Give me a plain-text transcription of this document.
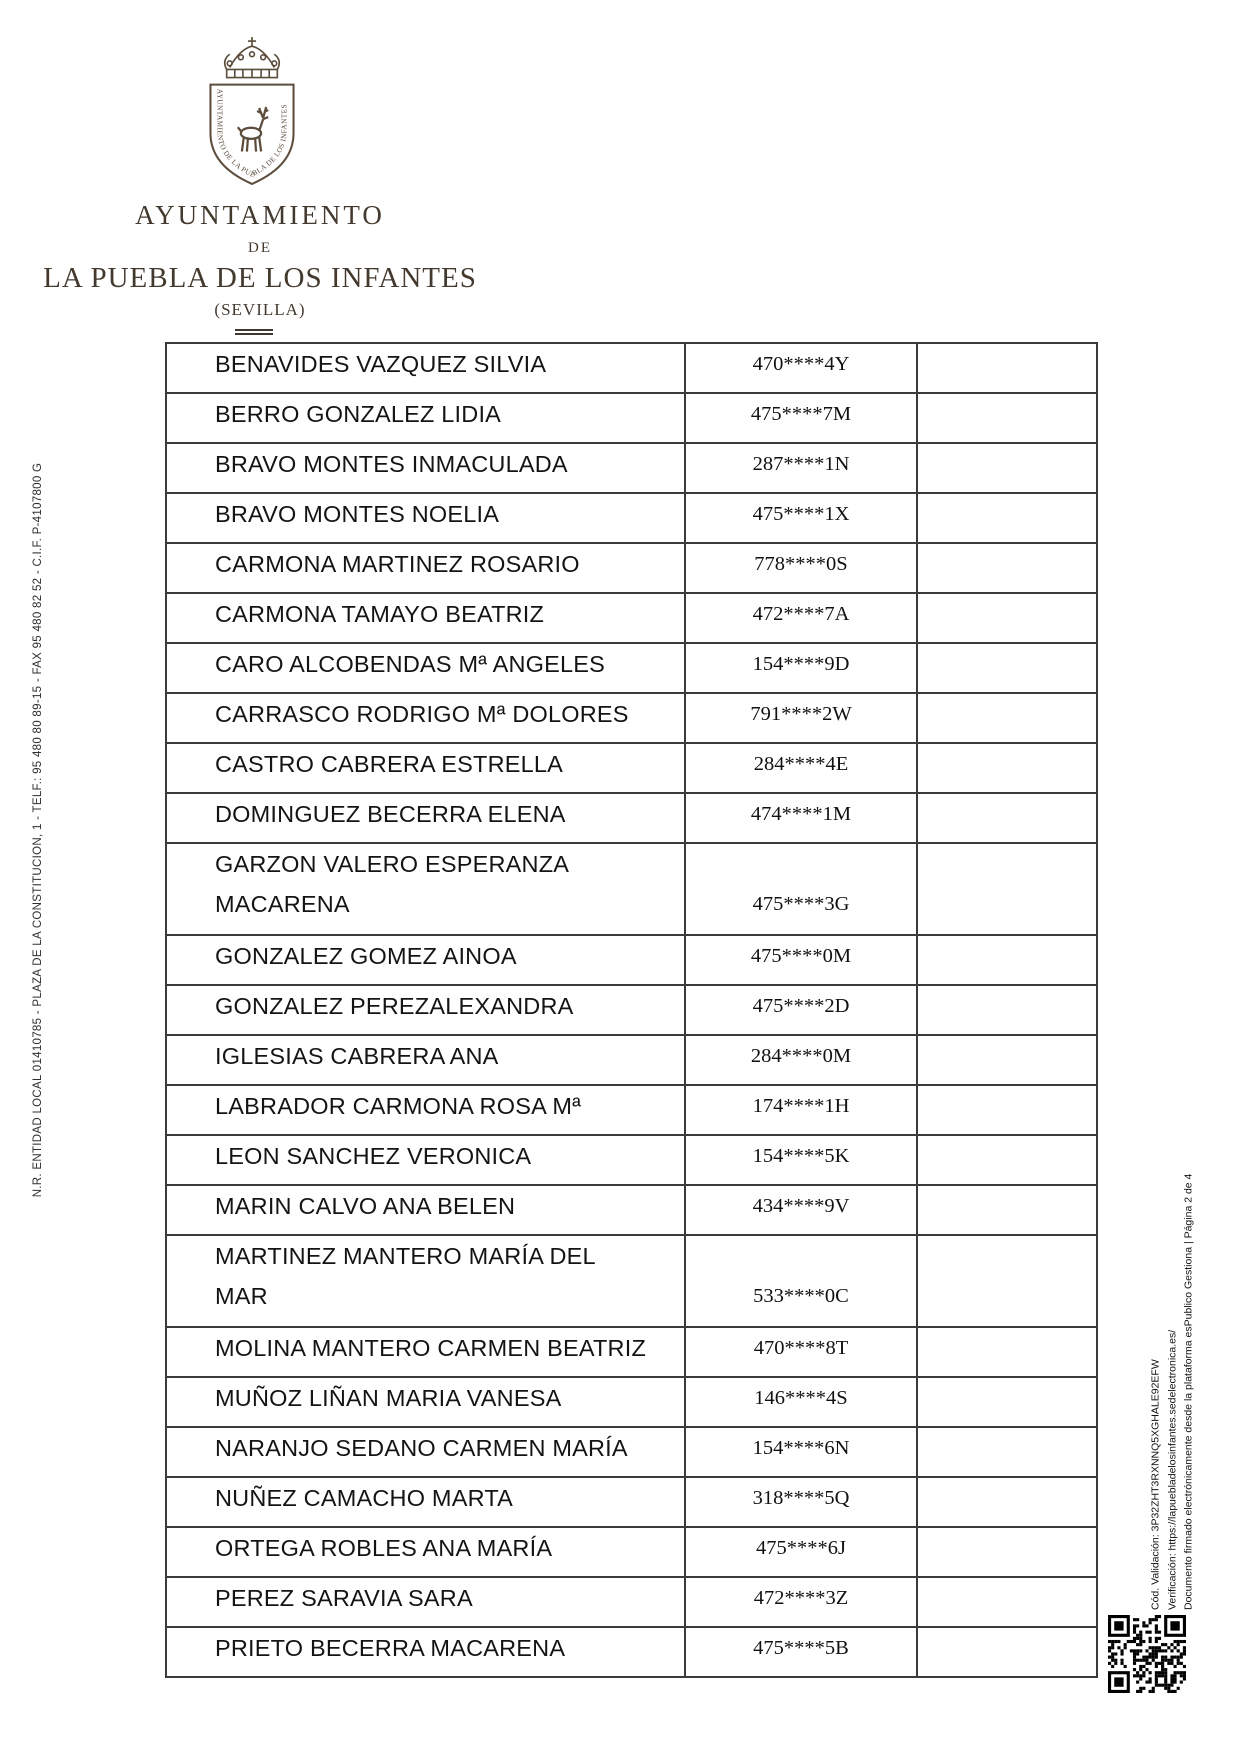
AYUNTAMIENTO DE LA PUEBLA DE LOS INFANTES
AYUNTAMIENTO
DE
LA PUEBLA DE LOS INFANTES
(SEVILLA)
BENAVIDES VAZQUEZ SILVIA	470****4Y
BERRO GONZALEZ LIDIA	475****7M
BRAVO MONTES INMACULADA	287****1N
BRAVO MONTES NOELIA	475****1X
CARMONA MARTINEZ ROSARIO	778****0S
CARMONA TAMAYO BEATRIZ	472****7A
CARO ALCOBENDAS Mª ANGELES	154****9D
CARRASCO RODRIGO Mª DOLORES	791****2W
CASTRO CABRERA ESTRELLA	284****4E
DOMINGUEZ BECERRA ELENA	474****1M
GARZON VALERO ESPERANZA
MACARENA	475****3G
GONZALEZ GOMEZ AINOA	475****0M
GONZALEZ PEREZALEXANDRA	475****2D
IGLESIAS CABRERA ANA	284****0M
LABRADOR CARMONA ROSA Mª	174****1H
LEON SANCHEZ VERONICA	154****5K
MARIN CALVO ANA BELEN	434****9V
MARTINEZ MANTERO MARÍA DEL
MAR	533****0C
MOLINA MANTERO CARMEN BEATRIZ	470****8T
MUÑOZ LIÑAN MARIA VANESA	146****4S
NARANJO SEDANO CARMEN MARÍA	154****6N
NUÑEZ CAMACHO MARTA	318****5Q
ORTEGA ROBLES ANA MARÍA	475****6J
PEREZ SARAVIA SARA	472****3Z
PRIETO BECERRA MACARENA	475****5B
N.R. ENTIDAD LOCAL 01410785 - PLAZA DE LA CONSTITUCION, 1 - TELF.: 95 480 80 89-15 - FAX 95 480 82 52 - C.I.F. P-4107800 G
Cód. Validación: 3P32ZHT3RXNNQ5XGHALE92EFW Verificación: https://lapuebladelosinfantes.sedelectronica.es/ Documento firmado electrónicamente desde la plataforma esPublico Gestiona | Página 2 de 4
